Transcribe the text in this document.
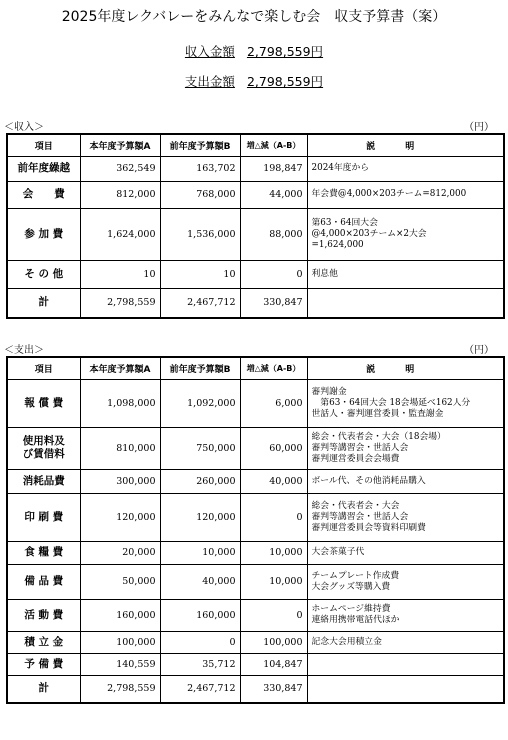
2025年度レクバレーをみんなで楽しむ会　収支予算書（案）
収入金額 2,798,559円
支出金額 2,798,559円
＜収入＞	（円）
項目	本年度予算額A	前年度予算額B	増△減（A-B）	説明
前年度繰越	362,549	163,702	198,847	2024年度から
会　　費	812,000	768,000	44,000	年会費@4,000×203チーム=812,000
参 加 費	1,624,000	1,536,000	88,000	第63・64回大会
@4,000×203チーム×2大会
=1,624,000
そ の 他	10	10	0	利息他
計	2,798,559	2,467,712	330,847	
＜支出＞	（円）
項目	本年度予算額A	前年度予算額B	増△減（A-B）	説明
報 償 費	1,098,000	1,092,000	6,000	審判謝金
　第63・64回大会 18会場延べ162人分
世話人・審判運営委員・監査謝金
使用料及
び賃借料	810,000	750,000	60,000	総会・代表者会・大会（18会場）
審判等講習会・世話人会
審判運営委員会会場費
消耗品費	300,000	260,000	40,000	ボール代、その他消耗品購入
印 刷 費	120,000	120,000	0	総会・代表者会・大会
審判等講習会・世話人会
審判運営委員会等資料印刷費
食 糧 費	20,000	10,000	10,000	大会茶菓子代
備 品 費	50,000	40,000	10,000	チームプレート作成費
大会グッズ等購入費
活 動 費	160,000	160,000	0	ホームページ維持費
連絡用携帯電話代ほか
積 立 金	100,000	0	100,000	記念大会用積立金
予 備 費	140,559	35,712	104,847	
計	2,798,559	2,467,712	330,847	
